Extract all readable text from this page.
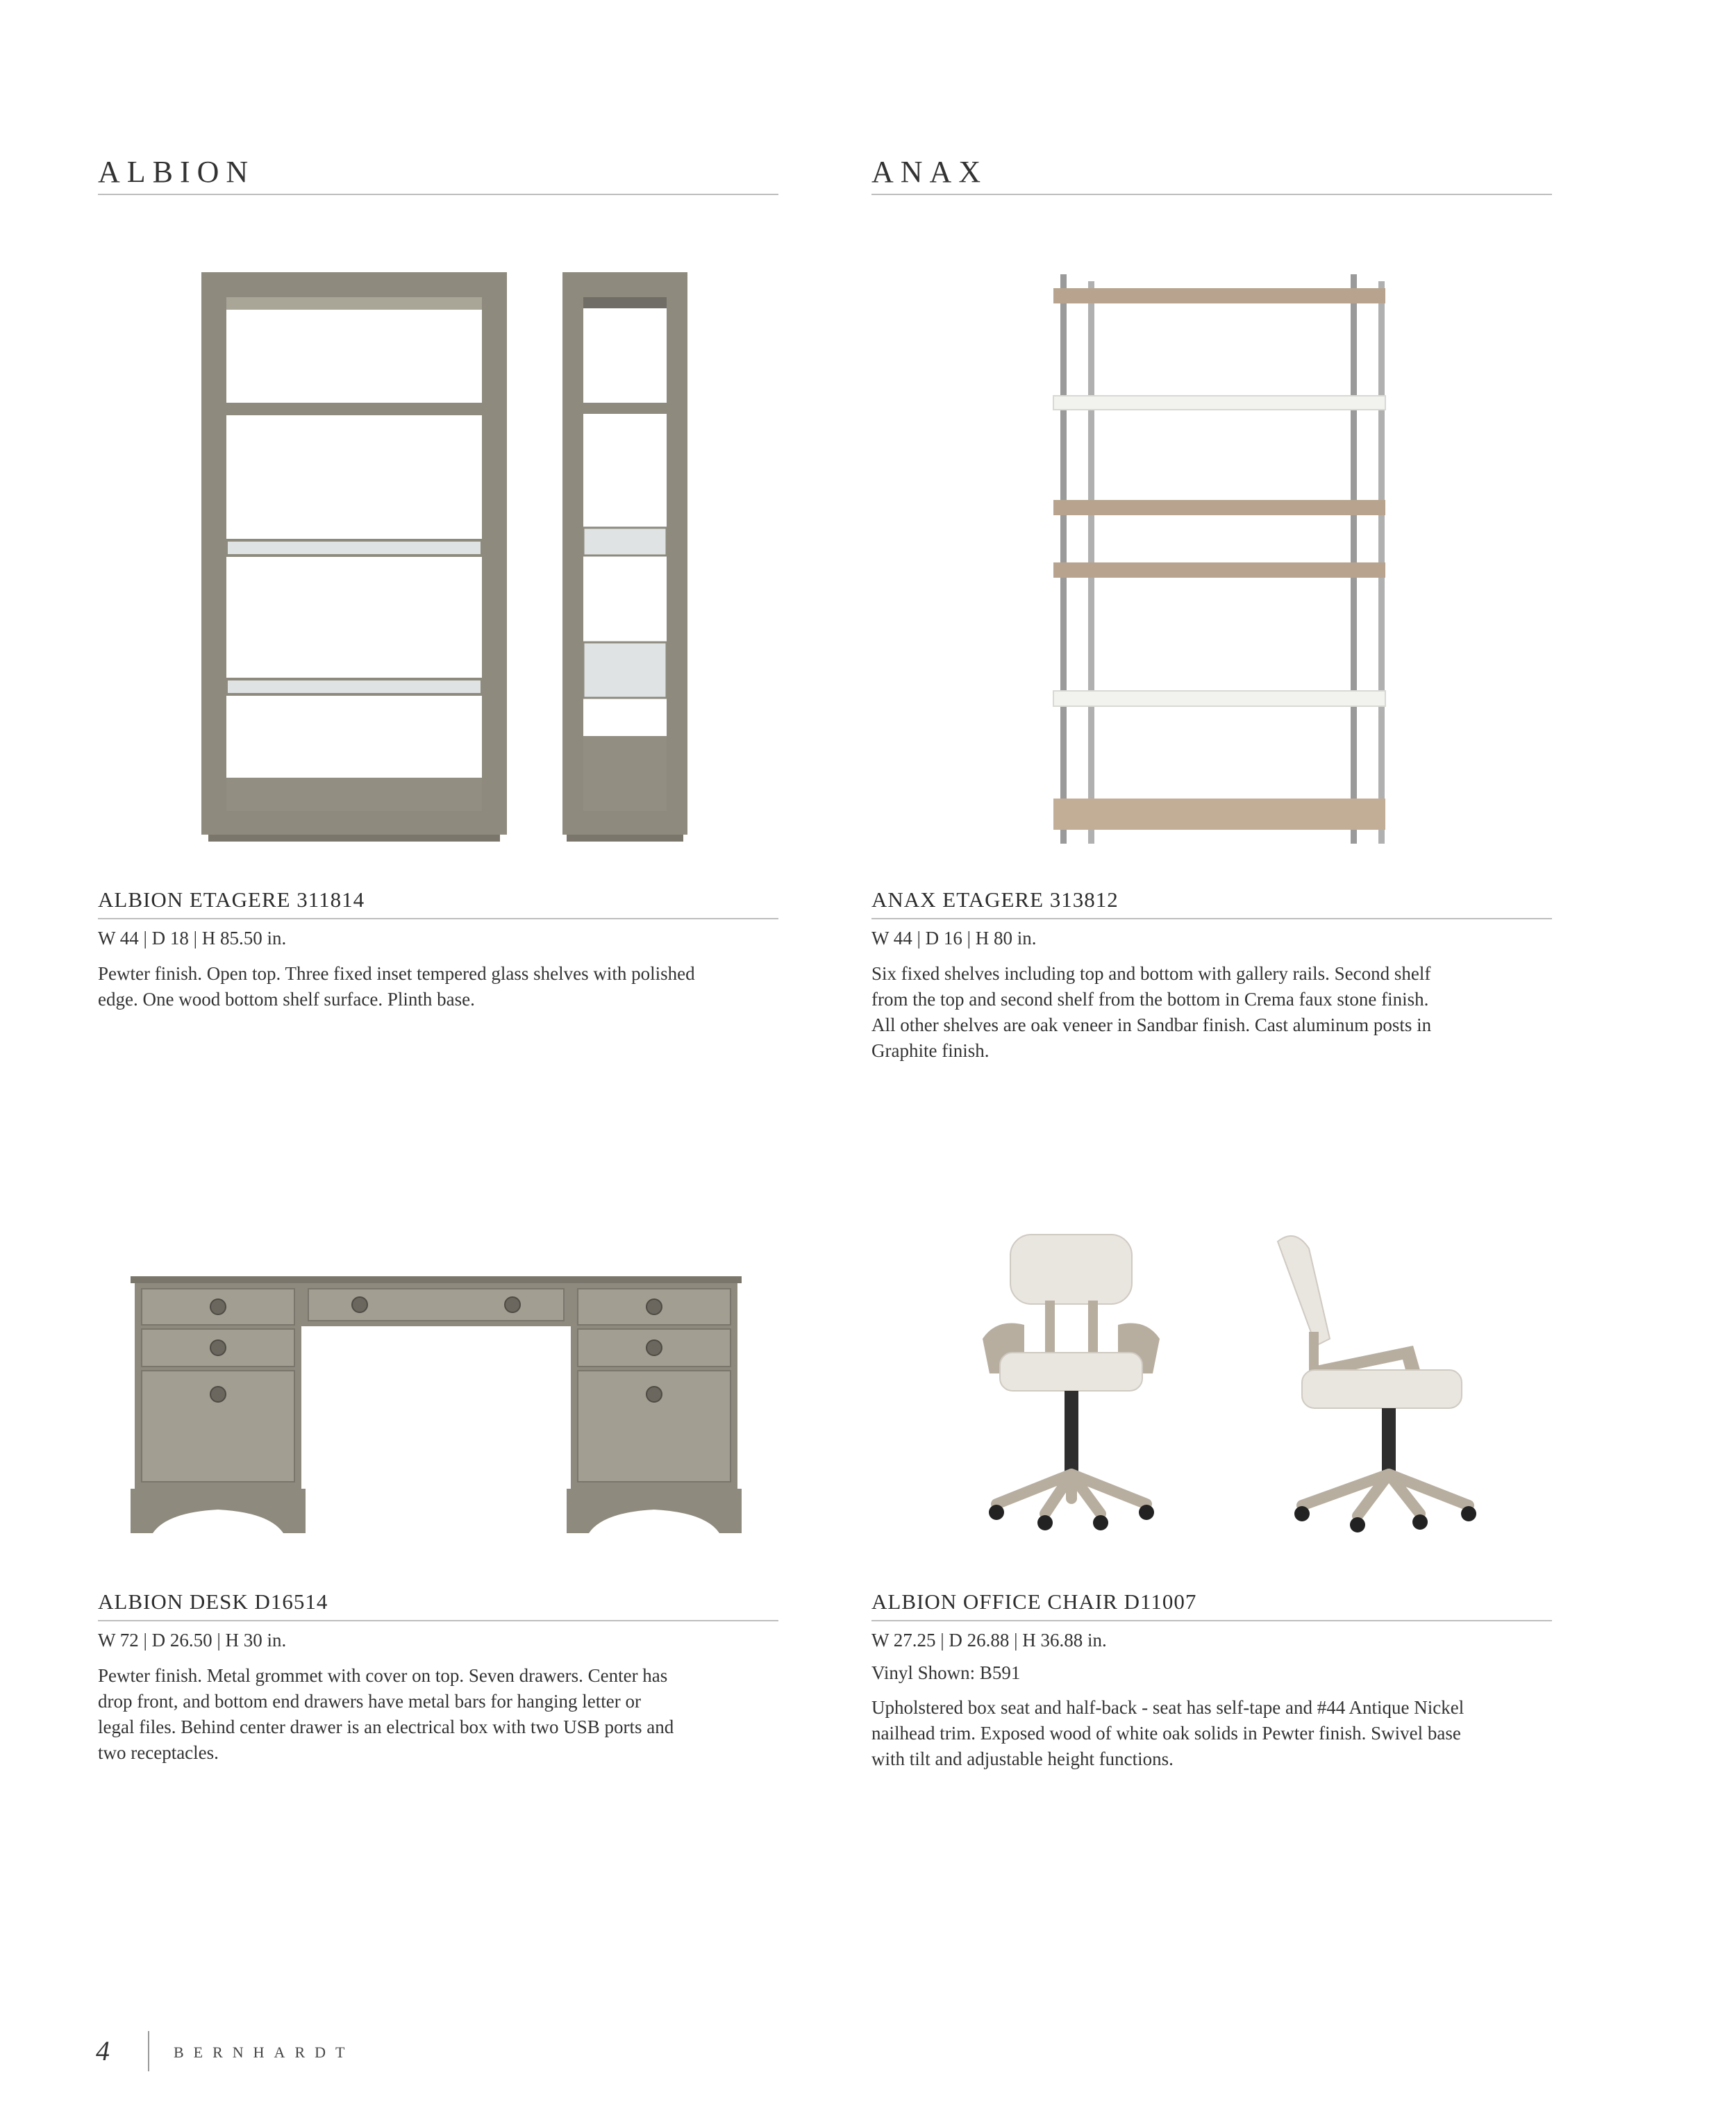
ALBION
ALBION ETAGERE 311814
W 44 | D 18 | H 85.50 in.

Pewter finish. Open top. Three fixed inset tempered glass shelves with polished

edge. One wood bottom shelf surface. Plinth base.

ANAX
ANAX ETAGERE 313812
W 44 | D 16 | H 80 in.

Six fixed shelves including top and bottom with gallery rails. Second shelf

from the top and second shelf from the bottom in Crema faux stone finish.

All other shelves are oak veneer in Sandbar finish. Cast aluminum posts in

Graphite finish.

ALBION DESK D16514
W 72 | D 26.50 | H 30 in.

Pewter finish. Metal grommet with cover on top. Seven drawers. Center has

drop front, and bottom end drawers have metal bars for hanging letter or

legal files. Behind center drawer is an electrical box with two USB ports and

two receptacles.

ALBION OFFICE CHAIR D11007
W 27.25 | D 26.88 | H 36.88 in.
Vinyl Shown: B591

Upholstered box seat and half-back - seat has self-tape and #44 Antique Nickel

nailhead trim. Exposed wood of white oak solids in Pewter finish. Swivel base

with tilt and adjustable height functions.

4	BERNHARDT
